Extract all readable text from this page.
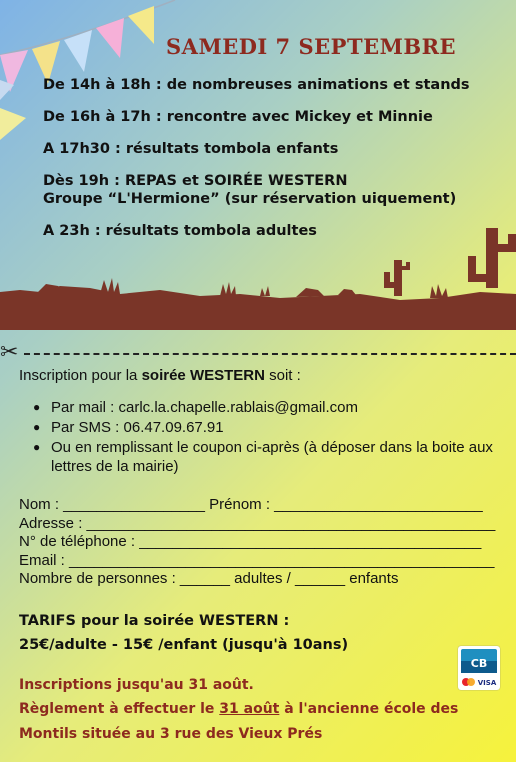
SAMEDI 7 SEPTEMBRE

De 14h à 18h : de nombreuses animations et stands

De 16h à 17h : rencontre avec Mickey et Minnie

A 17h30 : résultats tombola enfants

Dès 19h : REPAS et SOIRÉE WESTERN
Groupe “L'Hermione” (sur réservation uiquement)

A 23h : résultats tombola adultes

✂

Inscription pour la soirée WESTERN soit :

● Par mail : carlc.la.chapelle.rablais@gmail.com
● Par SMS : 06.47.09.67.91
● Ou en remplissant le coupon ci-après (à déposer dans la boite aux lettres de la mairie)
Nom : _________________ Prénom : _________________________
Adresse : _________________________________________________
N° de téléphone : _________________________________________
Email : ___________________________________________________
Nombre de personnes : ______ adultes / ______ enfants
TARIFS pour la soirée WESTERN :
25€/adulte - 15€ /enfant (jusqu'à 10ans)
Inscriptions jusqu'au 31 août.
Règlement à effectuer le 31 août à l'ancienne école des
Montils située au 3 rue des Vieux Prés
CB
VISA
